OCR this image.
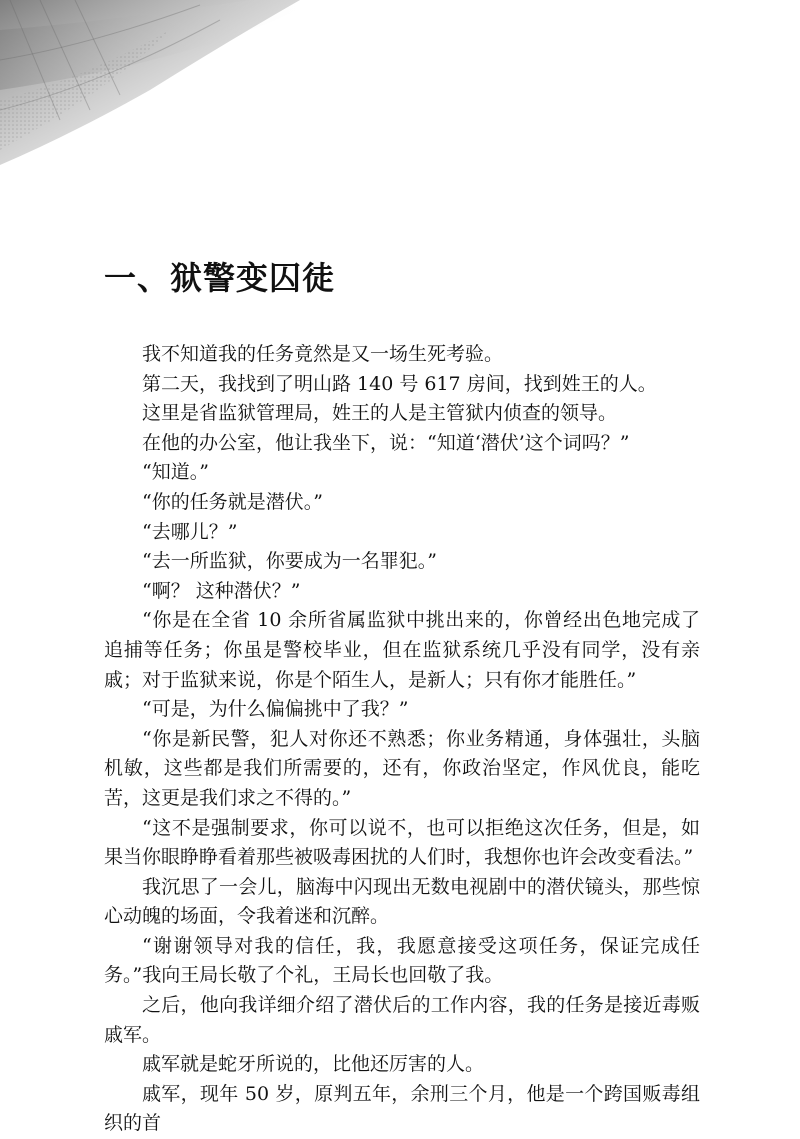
一、狱警变囚徒

我不知道我的任务竟然是又一场生死考验。

第二天，我找到了明山路 140 号 617 房间，找到姓王的人。

这里是省监狱管理局，姓王的人是主管狱内侦查的领导。

在他的办公室，他让我坐下，说：“知道‘潜伏’这个词吗？”

“知道。”

“你的任务就是潜伏。”

“去哪儿？”

“去一所监狱，你要成为一名罪犯。”

“啊？ 这种潜伏？”

“你是在全省 10 余所省属监狱中挑出来的，你曾经出色地完成了追捕等任务；你虽是警校毕业，但在监狱系统几乎没有同学，没有亲戚；对于监狱来说，你是个陌生人，是新人；只有你才能胜任。”

“可是，为什么偏偏挑中了我？”

“你是新民警，犯人对你还不熟悉；你业务精通，身体强壮，头脑机敏，这些都是我们所需要的，还有，你政治坚定，作风优良，能吃苦，这更是我们求之不得的。”

“这不是强制要求，你可以说不，也可以拒绝这次任务，但是，如果当你眼睁睁看着那些被吸毒困扰的人们时，我想你也许会改变看法。”

我沉思了一会儿，脑海中闪现出无数电视剧中的潜伏镜头，那些惊心动魄的场面，令我着迷和沉醉。

“谢谢领导对我的信任，我，我愿意接受这项任务，保证完成任务。”我向王局长敬了个礼，王局长也回敬了我。

之后，他向我详细介绍了潜伏后的工作内容，我的任务是接近毒贩戚军。

戚军就是蛇牙所说的，比他还厉害的人。

戚军，现年 50 岁，原判五年，余刑三个月，他是一个跨国贩毒组织的首
